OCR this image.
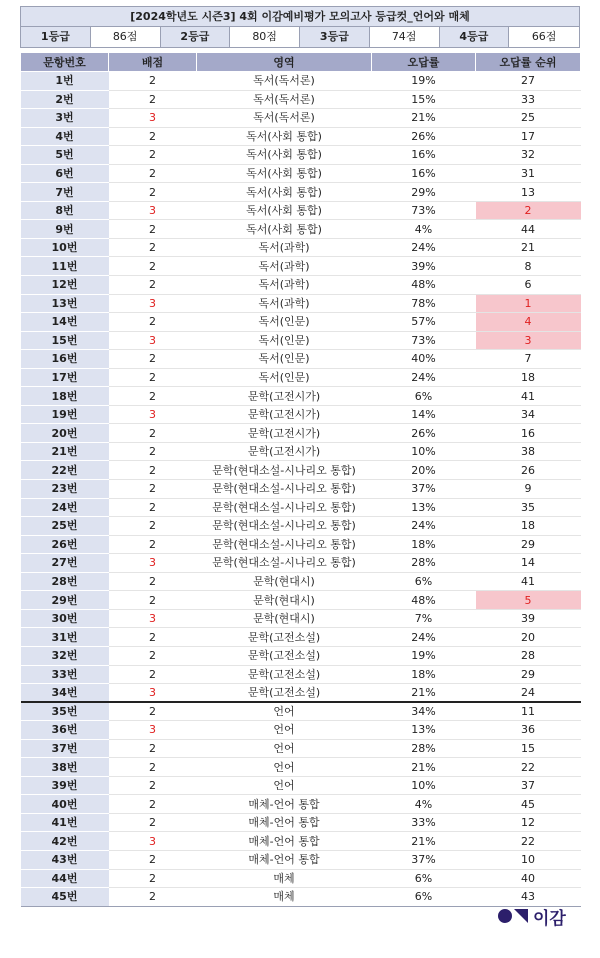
[2024학년도 시즌3] 4회 이감예비평가 모의고사 등급컷_언어와 매체
1등급	86점	2등급	80점	3등급	74점	4등급	66점
문항번호	배점	영역	오답률	오답률 순위
1번	2	독서(독서론)	19%	27
2번	2	독서(독서론)	15%	33
3번	3	독서(독서론)	21%	25
4번	2	독서(사회 통합)	26%	17
5번	2	독서(사회 통합)	16%	32
6번	2	독서(사회 통합)	16%	31
7번	2	독서(사회 통합)	29%	13
8번	3	독서(사회 통합)	73%	2
9번	2	독서(사회 통합)	4%	44
10번	2	독서(과학)	24%	21
11번	2	독서(과학)	39%	8
12번	2	독서(과학)	48%	6
13번	3	독서(과학)	78%	1
14번	2	독서(인문)	57%	4
15번	3	독서(인문)	73%	3
16번	2	독서(인문)	40%	7
17번	2	독서(인문)	24%	18
18번	2	문학(고전시가)	6%	41
19번	3	문학(고전시가)	14%	34
20번	2	문학(고전시가)	26%	16
21번	2	문학(고전시가)	10%	38
22번	2	문학(현대소설-시나리오 통합)	20%	26
23번	2	문학(현대소설-시나리오 통합)	37%	9
24번	2	문학(현대소설-시나리오 통합)	13%	35
25번	2	문학(현대소설-시나리오 통합)	24%	18
26번	2	문학(현대소설-시나리오 통합)	18%	29
27번	3	문학(현대소설-시나리오 통합)	28%	14
28번	2	문학(현대시)	6%	41
29번	2	문학(현대시)	48%	5
30번	3	문학(현대시)	7%	39
31번	2	문학(고전소설)	24%	20
32번	2	문학(고전소설)	19%	28
33번	2	문학(고전소설)	18%	29
34번	3	문학(고전소설)	21%	24
35번	2	언어	34%	11
36번	3	언어	13%	36
37번	2	언어	28%	15
38번	2	언어	21%	22
39번	2	언어	10%	37
40번	2	매체-언어 통합	4%	45
41번	2	매체-언어 통합	33%	12
42번	3	매체-언어 통합	21%	22
43번	2	매체-언어 통합	37%	10
44번	2	매체	6%	40
45번	2	매체	6%	43
이감
